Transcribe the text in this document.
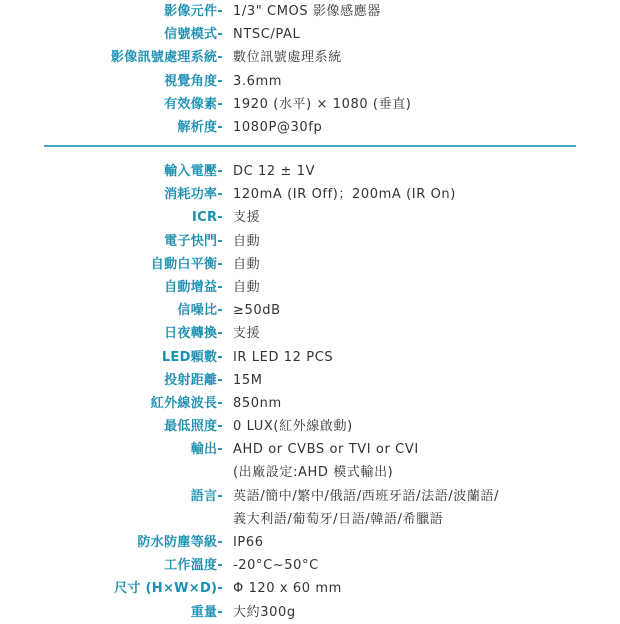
影像元件- 1/3" CMOS 影像感應器
信號模式- NTSC/PAL
影像訊號處理系統- 數位訊號處理系統
視覺角度- 3.6mm
有效像素- 1920 (水平) × 1080 (垂直)
解析度- 1080P@30fp
輸入電壓- DC 12 ± 1V
消耗功率- 120mA (IR Off)；200mA (IR On)
ICR- 支援
電子快門- 自動
自動白平衡- 自動
自動增益- 自動
信噪比- ≥50dB
日夜轉換- 支援
LED顆數- IR LED 12 PCS
投射距離- 15M
紅外線波長- 850nm
最低照度- 0 LUX(紅外線啟動)
輸出- AHD or CVBS or TVI or CVI
(出廠設定:AHD 模式輸出)
語言- 英語/簡中/繁中/俄語/西班牙語/法語/波蘭語/
義大利語/葡萄牙/日語/韓語/希臘語
防水防塵等級- IP66
工作溫度- -20°C~50°C
尺寸 (H×W×D)- Φ 120 x 60 mm
重量- 大約300g
